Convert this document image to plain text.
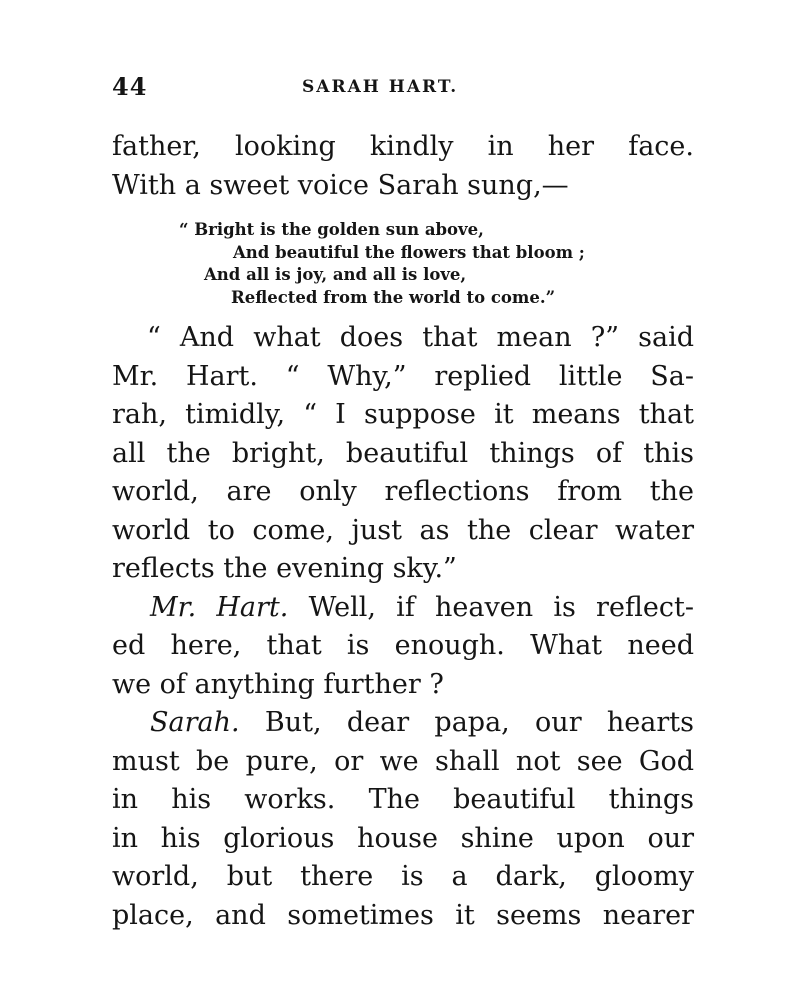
44	SARAH HART.
father, looking kindly in her face.
With a sweet voice Sarah sung,—
“ Bright is the golden sun above,
And beautiful the flowers that bloom ;
And all is joy, and all is love,
Reflected from the world to come.”
“ And what does that mean ?” said
Mr. Hart. “ Why,” replied little Sa-
rah, timidly, “ I suppose it means that
all the bright, beautiful things of this
world, are only reflections from the
world to come, just as the clear water
reflects the evening sky.”
Mr. Hart. Well, if heaven is reflect-
ed here, that is enough. What need
we of anything further ?
Sarah. But, dear papa, our hearts
must be pure, or we shall not see God
in his works. The beautiful things
in his glorious house shine upon our
world, but there is a dark, gloomy
place, and sometimes it seems nearer
